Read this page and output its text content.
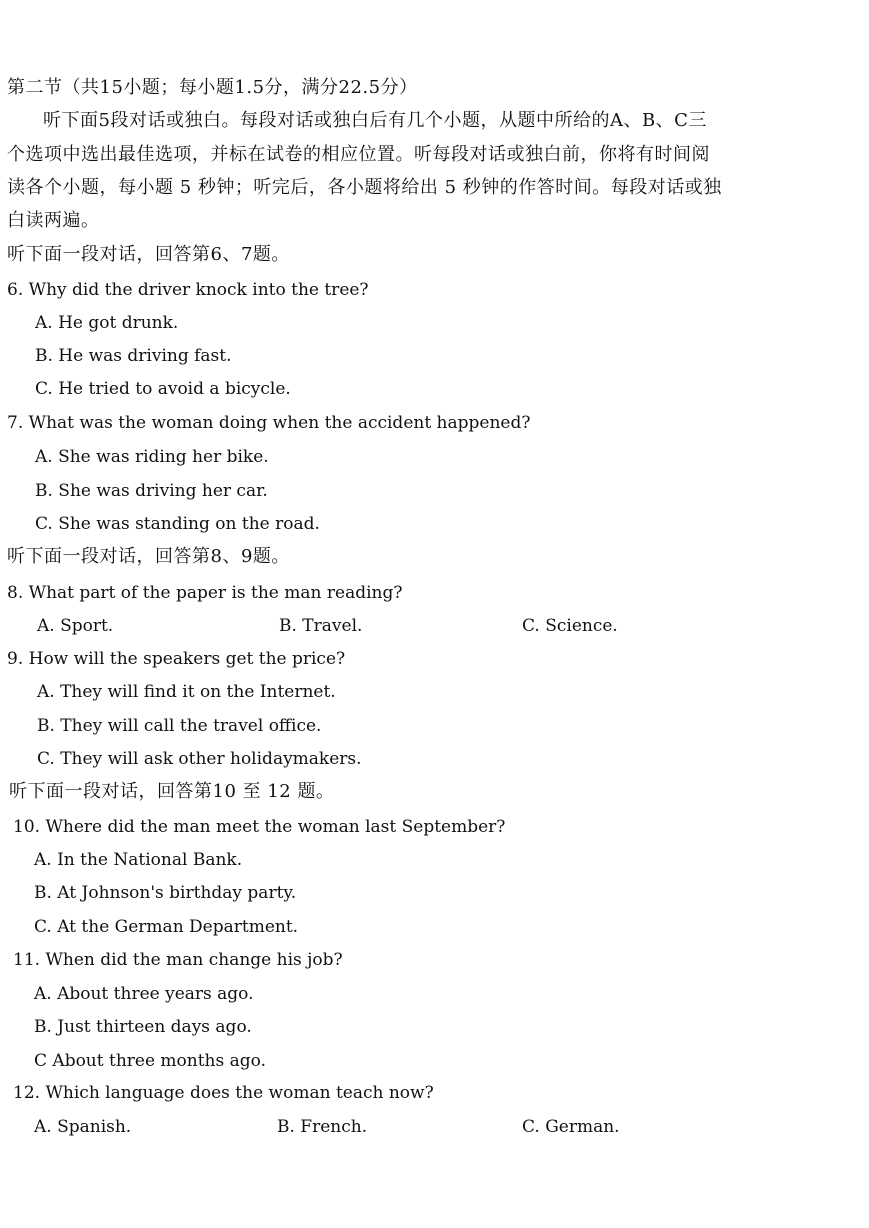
第二节（共15小题；每小题1.5分，满分22.5分）
听下面5段对话或独白。每段对话或独白后有几个小题，从题中所给的A、B、C三
个选项中选出最佳选项，并标在试卷的相应位置。听每段对话或独白前，你将有时间阅
读各个小题，每小题 5 秒钟；听完后，各小题将给出 5 秒钟的作答时间。每段对话或独
白读两遍。
听下面一段对话，回答第6、7题。
6. Why did the driver knock into the tree?
A. He got drunk.
B. He was driving fast.
C. He tried to avoid a bicycle.
7. What was the woman doing when the accident happened?
A. She was riding her bike.
B. She was driving her car.
C. She was standing on the road.
听下面一段对话，回答第8、9题。
8. What part of the paper is the man reading?
A. Sport.	B. Travel.	C. Science.
9. How will the speakers get the price?
A. They will find it on the Internet.
B. They will call the travel office.
C. They will ask other holidaymakers.
听下面一段对话，回答第10 至 12 题。
10. Where did the man meet the woman last September?
A. In the National Bank.
B. At Johnson's birthday party.
C. At the German Department.
11. When did the man change his job?
A. About three years ago.
B. Just thirteen days ago.
C About three months ago.
12. Which language does the woman teach now?
A. Spanish.	B. French.	C. German.
